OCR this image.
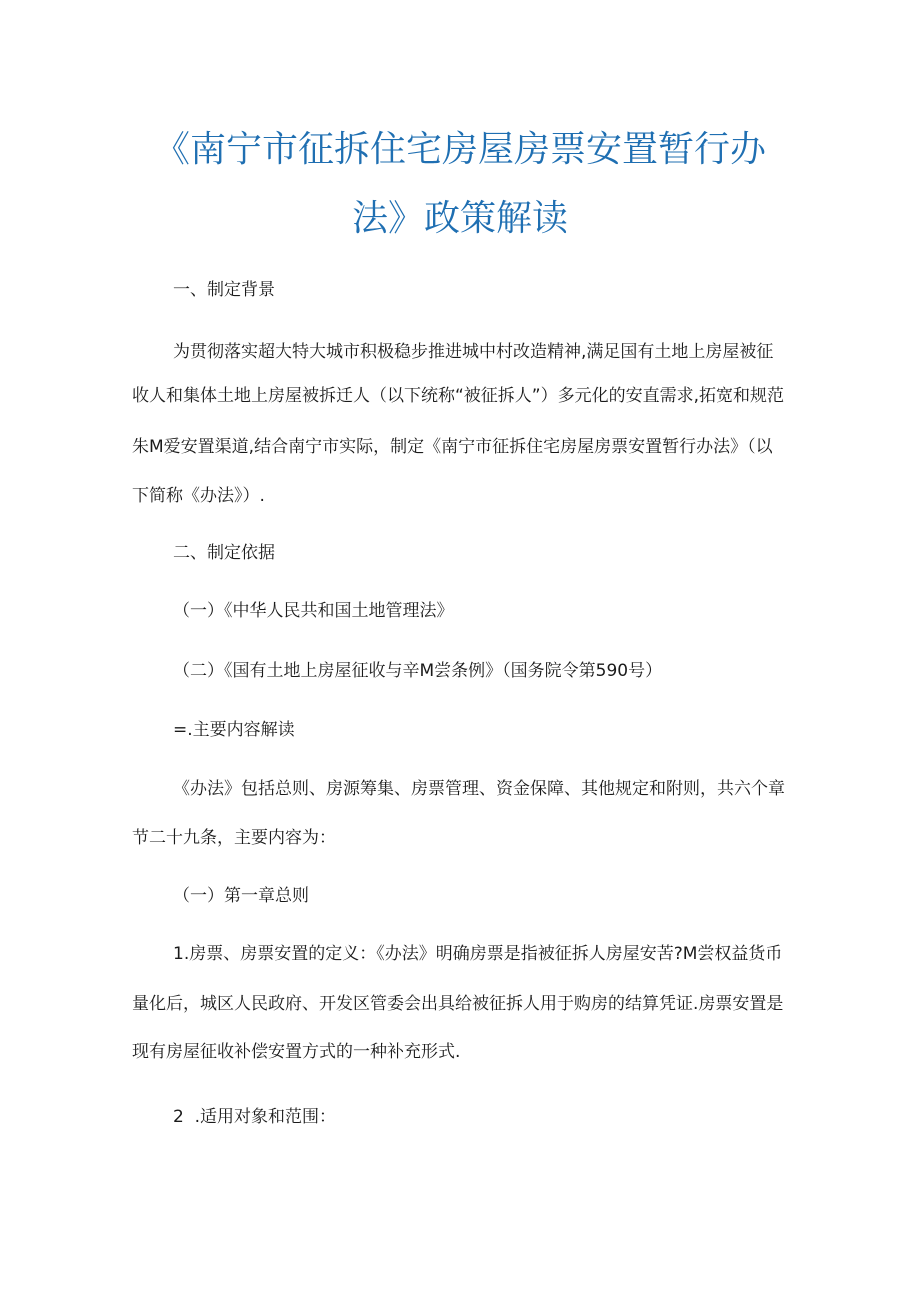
《南宁市征拆住宅房屋房票安置暂行办
法》政策解读
一、制定背景
为贯彻落实超大特大城市积极稳步推进城中村改造精神,满足国有土地上房屋被征
收人和集体土地上房屋被拆迁人（以下统称“被征拆人”）多元化的安直需求,拓宽和规范
朱M爱安置渠道,结合南宁市实际，制定《南宁市征拆住宅房屋房票安置暂行办法》（以
下简称《办法》）.
二、制定依据
（一）《中华人民共和国土地管理法》
（二）《国有土地上房屋征收与辛M尝条例》（国务院令第590号）
=.主要内容解读
《办法》包括总则、房源筹集、房票管理、资金保障、其他规定和附则，共六个章
节二十九条，主要内容为：
（一）第一章总则
1.房票、房票安置的定义：《办法》明确房票是指被征拆人房屋安苦?M尝权益货币
量化后，城区人民政府、开发区管委会出具给被征拆人用于购房的结算凭证.房票安置是
现有房屋征收补偿安置方式的一种补充形式.
2  .适用对象和范围：
